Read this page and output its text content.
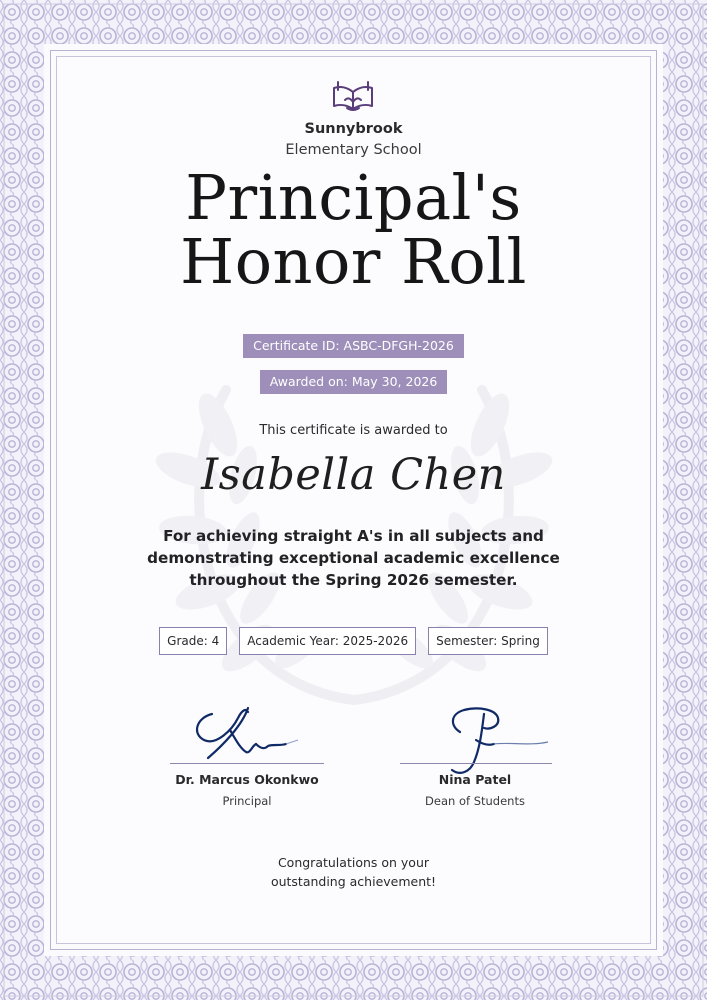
Sunnybrook
Elementary School
Principal's
Honor Roll
Certificate ID: ASBC-DFGH-2026
Awarded on: May 30, 2026
This certificate is awarded to
Isabella Chen
For achieving straight A's in all subjects and
demonstrating exceptional academic excellence
throughout the Spring 2026 semester.
Grade: 4 Academic Year: 2025-2026 Semester: Spring
Dr. Marcus Okonkwo
Principal
Nina Patel
Dean of Students
Congratulations on your
outstanding achievement!
